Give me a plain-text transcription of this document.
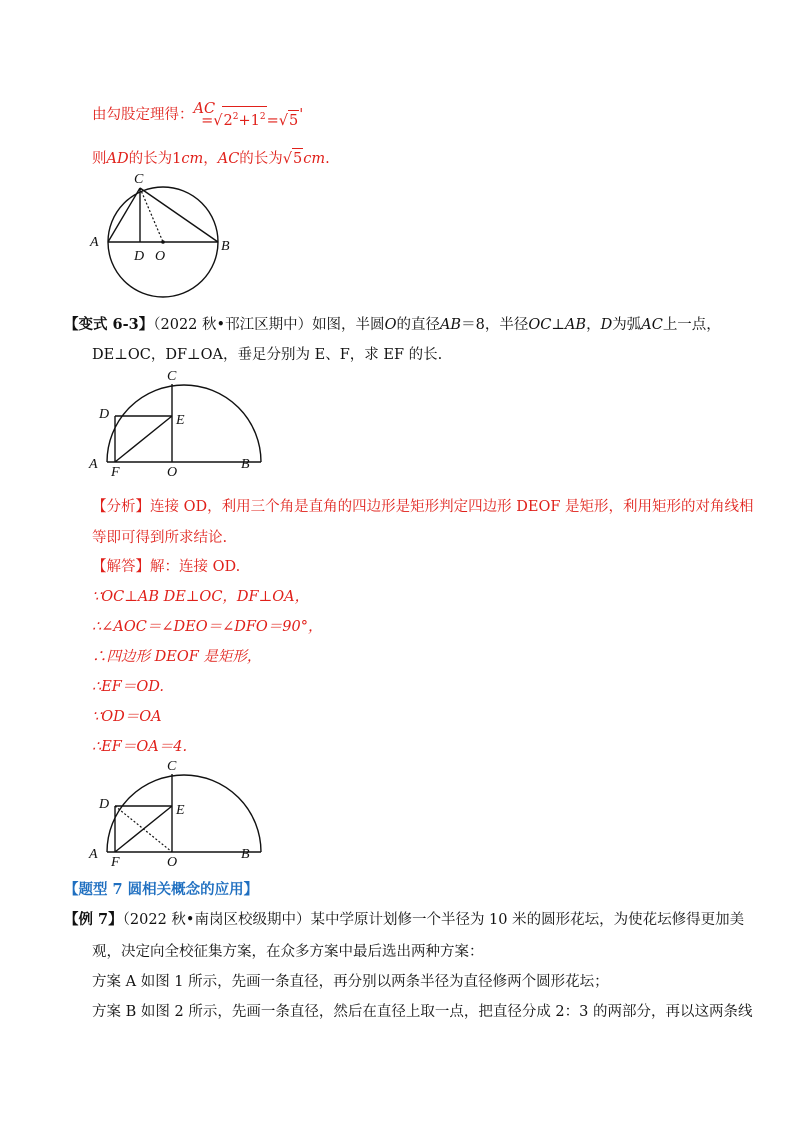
由勾股定理得：$AC=√2^2+1^2=√5'$
则AD的长为1cm，AC的长为√5cm.
C
A
D O
B
【变式 6-3】（2022 秋•邗江区期中）如图，半圆O的直径AB＝8，半径OC⊥AB，D为弧AC上一点，
DE⊥OC，DF⊥OA，垂足分别为 E、F，求 EF 的长.
C
D	E
A
F	O
B
【分析】连接 OD，利用三个角是直角的四边形是矩形判定四边形 DEOF 是矩形，利用矩形的对角线相
等即可得到所求结论.
【解答】解：连接 OD.
∵OC⊥AB DE⊥OC，DF⊥OA，
∴∠AOC＝∠DEO＝∠DFO＝90°，
∴四边形 DEOF 是矩形，
∴EF＝OD.
∵OD＝OA
∴EF＝OA＝4.
C
D	E
A
F	O
B
【题型 7 圆相关概念的应用】
【例 7】（2022 秋•南岗区校级期中）某中学原计划修一个半径为 10 米的圆形花坛，为使花坛修得更加美
观，决定向全校征集方案，在众多方案中最后选出两种方案：
方案 A 如图 1 所示，先画一条直径，再分别以两条半径为直径修两个圆形花坛；
方案 B 如图 2 所示，先画一条直径，然后在直径上取一点，把直径分成 2：3 的两部分，再以这两条线
